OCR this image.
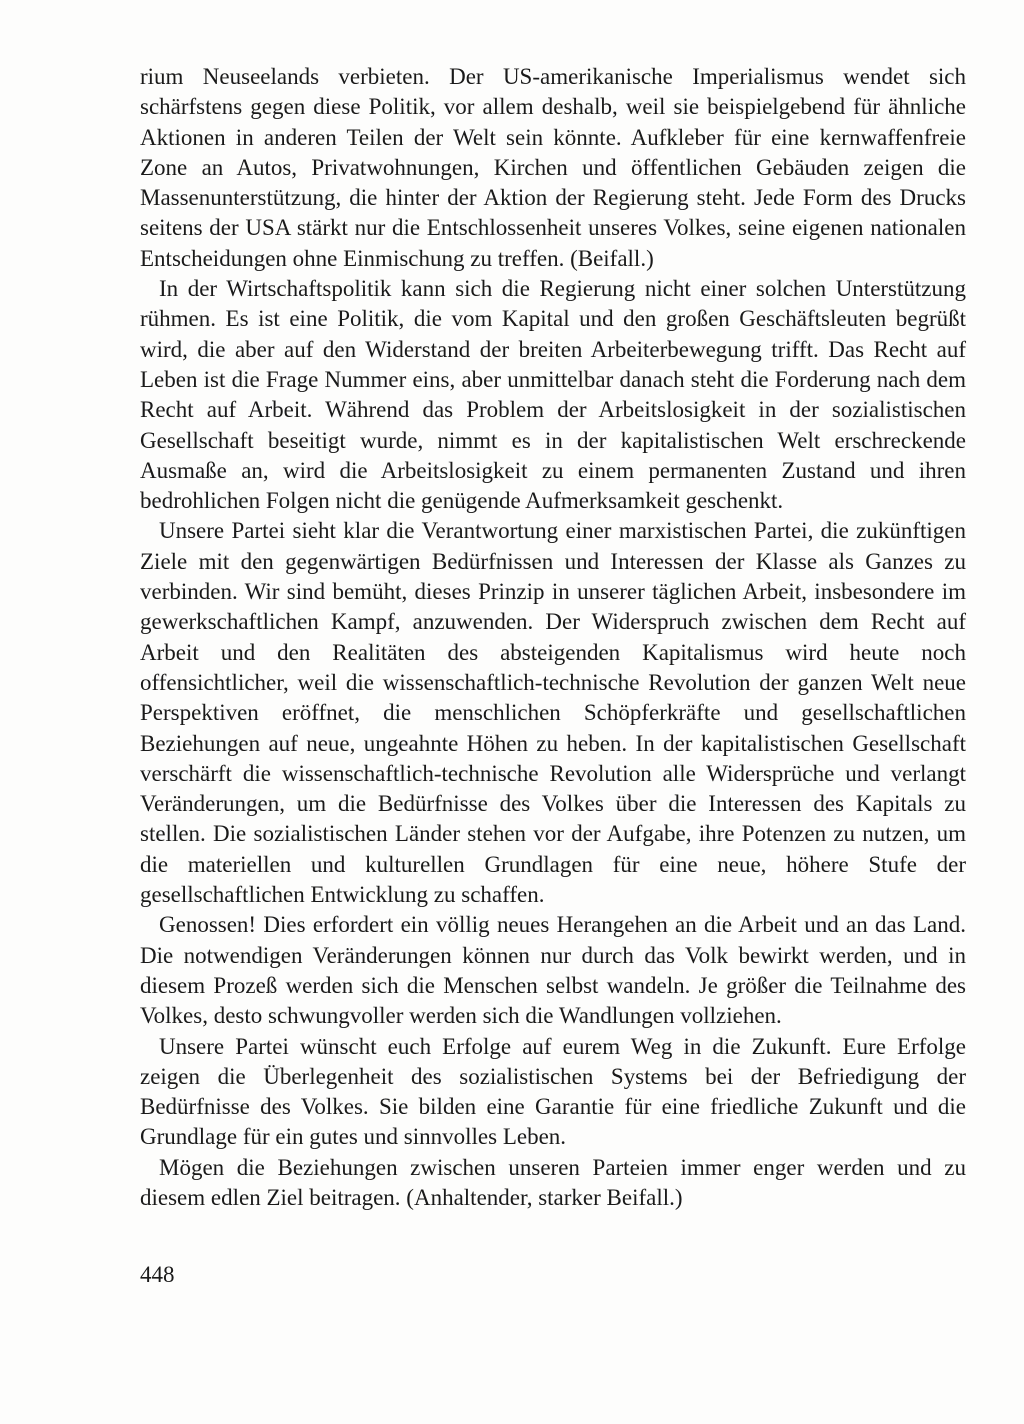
rium Neuseelands verbieten. Der US-amerikanische Imperialismus wendet sich schärfstens gegen diese Politik, vor allem deshalb, weil sie beispielgebend für ähnliche Aktionen in anderen Teilen der Welt sein könnte. Aufkleber für eine kernwaffenfreie Zone an Autos, Privatwohnungen, Kirchen und öffentlichen Gebäuden zeigen die Massenunterstützung, die hinter der Aktion der Regierung steht. Jede Form des Drucks seitens der USA stärkt nur die Entschlossenheit unseres Volkes, seine eigenen nationalen Entscheidungen ohne Einmischung zu treffen. (Beifall.)

In der Wirtschaftspolitik kann sich die Regierung nicht einer solchen Unterstützung rühmen. Es ist eine Politik, die vom Kapital und den großen Geschäftsleuten begrüßt wird, die aber auf den Widerstand der breiten Arbeiterbewegung trifft. Das Recht auf Leben ist die Frage Nummer eins, aber unmittelbar danach steht die Forderung nach dem Recht auf Arbeit. Während das Problem der Arbeitslosigkeit in der sozialistischen Gesellschaft beseitigt wurde, nimmt es in der kapitalistischen Welt erschreckende Ausmaße an, wird die Arbeitslosigkeit zu einem permanenten Zustand und ihren bedrohlichen Folgen nicht die genügende Aufmerksamkeit geschenkt.

Unsere Partei sieht klar die Verantwortung einer marxistischen Partei, die zukünftigen Ziele mit den gegenwärtigen Bedürfnissen und Interessen der Klasse als Ganzes zu verbinden. Wir sind bemüht, dieses Prinzip in unserer täglichen Arbeit, insbesondere im gewerkschaftlichen Kampf, anzuwenden. Der Widerspruch zwischen dem Recht auf Arbeit und den Realitäten des absteigenden Kapitalismus wird heute noch offensichtlicher, weil die wissenschaftlich-technische Revolution der ganzen Welt neue Perspektiven eröffnet, die menschlichen Schöpferkräfte und gesellschaftlichen Beziehungen auf neue, ungeahnte Höhen zu heben. In der kapitalistischen Gesellschaft verschärft die wissenschaftlich-technische Revolution alle Widersprüche und verlangt Veränderungen, um die Bedürfnisse des Volkes über die Interessen des Kapitals zu stellen. Die sozialistischen Länder stehen vor der Aufgabe, ihre Potenzen zu nutzen, um die materiellen und kulturellen Grundlagen für eine neue, höhere Stufe der gesellschaftlichen Entwicklung zu schaffen.

Genossen! Dies erfordert ein völlig neues Herangehen an die Arbeit und an das Land. Die notwendigen Veränderungen können nur durch das Volk bewirkt werden, und in diesem Prozeß werden sich die Menschen selbst wandeln. Je größer die Teilnahme des Volkes, desto schwungvoller werden sich die Wandlungen vollziehen.

Unsere Partei wünscht euch Erfolge auf eurem Weg in die Zukunft. Eure Erfolge zeigen die Überlegenheit des sozialistischen Systems bei der Befriedigung der Bedürfnisse des Volkes. Sie bilden eine Garantie für eine friedliche Zukunft und die Grundlage für ein gutes und sinnvolles Leben.

Mögen die Beziehungen zwischen unseren Parteien immer enger werden und zu diesem edlen Ziel beitragen. (Anhaltender, starker Beifall.)

448
